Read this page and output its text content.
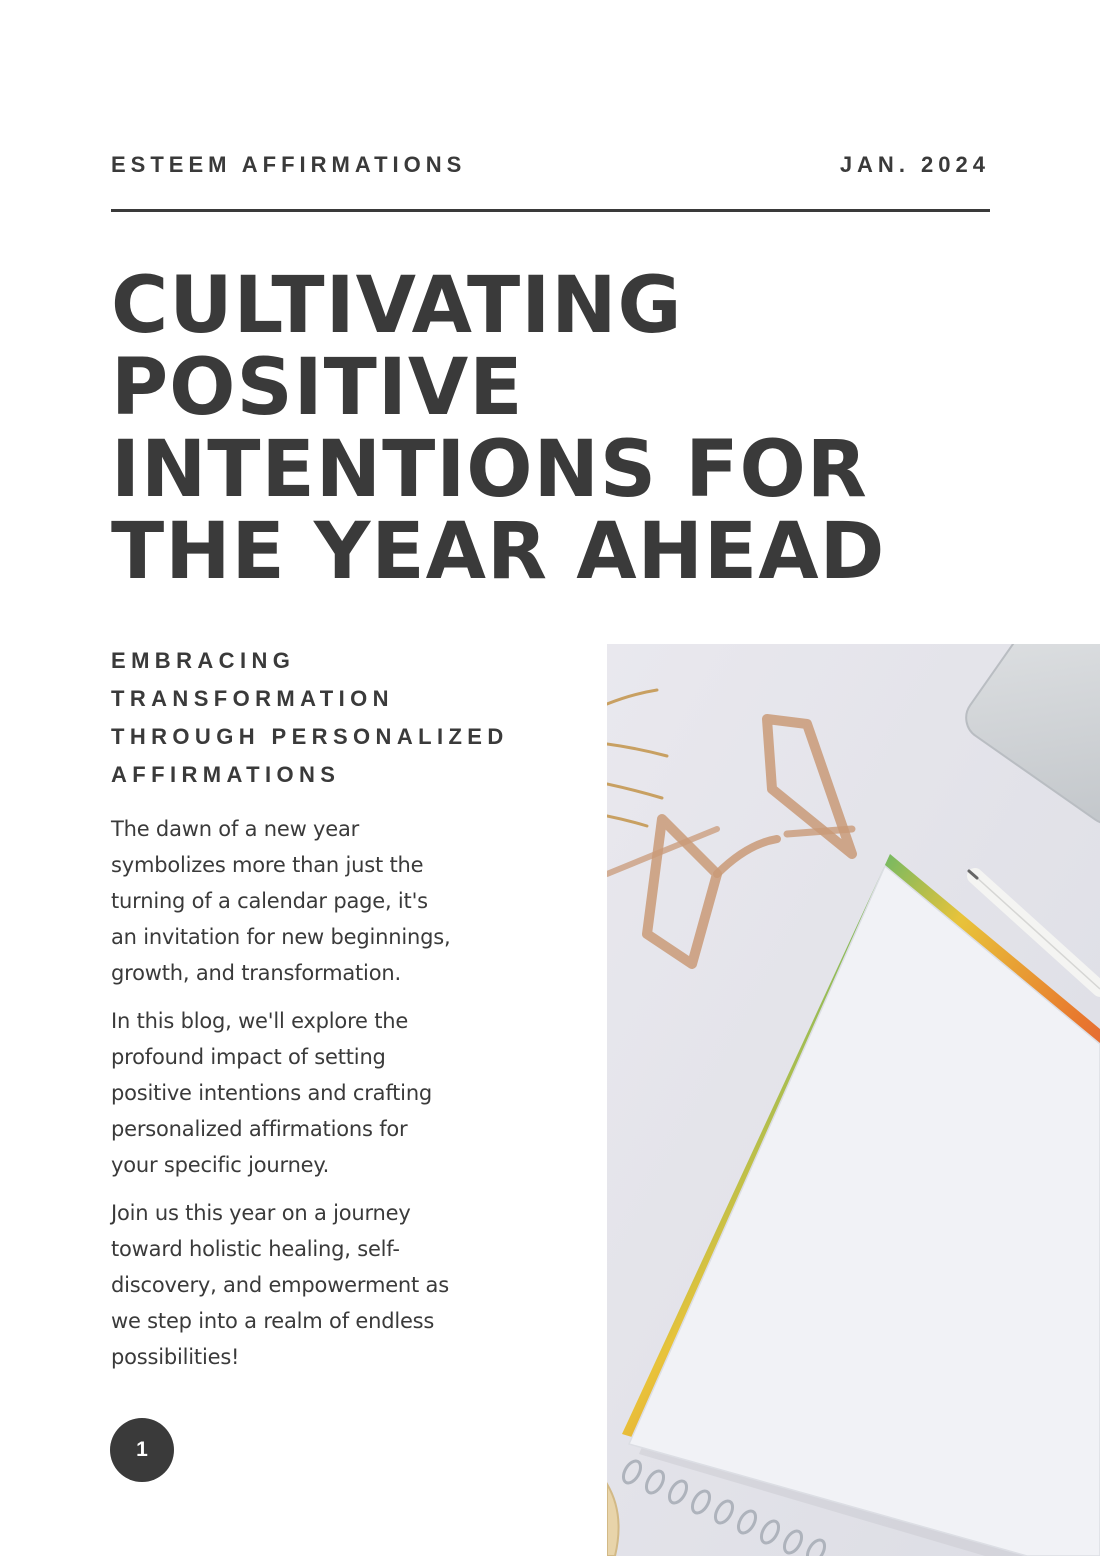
ESTEEM AFFIRMATIONS	JAN. 2024
CULTIVATING
POSITIVE
INTENTIONS FOR
THE YEAR AHEAD
EMBRACING
TRANSFORMATION
THROUGH PERSONALIZED
AFFIRMATIONS

The dawn of a new year
symbolizes more than just the
turning of a calendar page, it's
an invitation for new beginnings,
growth, and transformation.

In this blog, we'll explore the
profound impact of setting
positive intentions and crafting
personalized affirmations for
your specific journey.

Join us this year on a journey
toward holistic healing, self-
discovery, and empowerment as
we step into a realm of endless
possibilities!

1
